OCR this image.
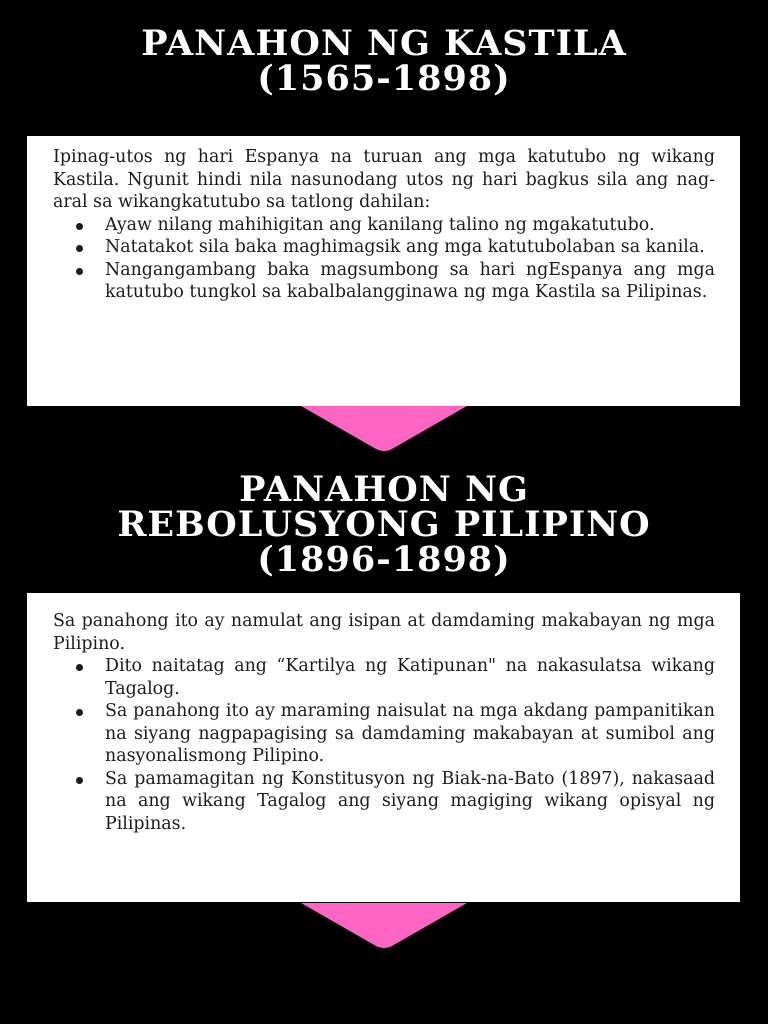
PANAHON NG KASTILA
(1565-1898)

Ipinag-utos ng hari Espanya na turuan ang mga katutubo ng wikang Kastila. Ngunit hindi nila nasunodang utos ng hari bagkus sila ang nag-aral sa wikangkatutubo sa tatlong dahilan:

Ayaw nilang mahihigitan ang kanilang talino ng mgakatutubo.
Natatakot sila baka maghimagsik ang mga katutubolaban sa kanila.
Nangangambang baka magsumbong sa hari ngEspanya ang mga katutubo tungkol sa kabalbalangginawa ng mga Kastila sa Pilipinas.
PANAHON NG
REBOLUSYONG PILIPINO
(1896-1898)

Sa panahong ito ay namulat ang isipan at damdaming makabayan ng mga Pilipino.

Dito naitatag ang “Kartilya ng Katipunan" na nakasulatsa wikang Tagalog.
Sa panahong ito ay maraming naisulat na mga akdang pampanitikan na siyang nagpapagising sa damdaming makabayan at sumibol ang nasyonalismong Pilipino.
Sa pamamagitan ng Konstitusyon ng Biak-na-Bato (1897), nakasaad na ang wikang Tagalog ang siyang magiging wikang opisyal ng Pilipinas.
